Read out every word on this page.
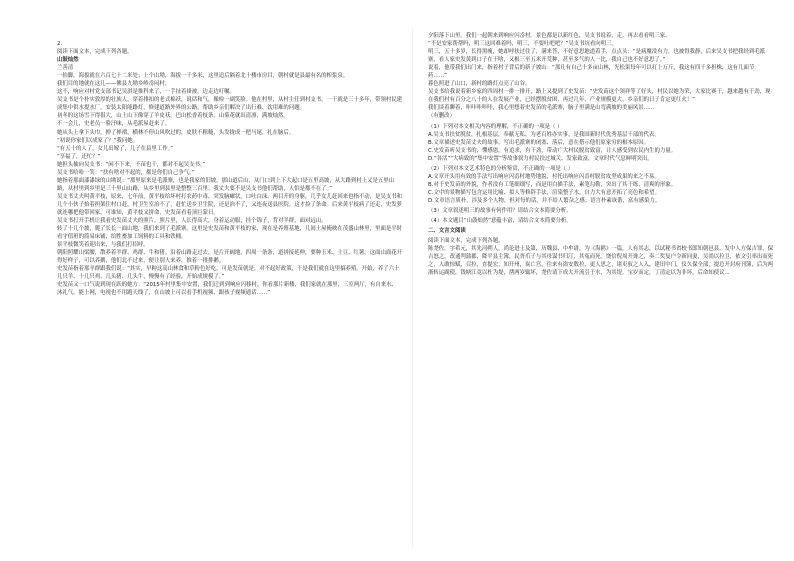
2.

阅读下面文本，完成下列各题。

山鼓灿然

兰善清

一抬脚，海拔就在六百七十二米处；上个山坳，海拔一千多米，这里追后隔着北十楼市房目，朝村就是县最有名的榨浆泉。

我们目的地就在这儿——佛县九坳乡岭岙闷村。

这不，响应对村党支部书记吴淇是推科来了，一手扯着褂被，边走边叮嘱。

吴支书是个朴实敦厚的壮族人，穿着排扣的老式棉袄，说话和气，像检一副笑脸。他在村里，从村主任到村支书，一干就是三十多年，带领村民建成集中供水提水厂，安装太阳能路灯，修建道路外界的公路，帮助乡亲们解决了出行难、饮用难的问题。

初冬的这场雪下得很大，山上山下像穿了羊皮袄。巴山松香着枝条，山菊花就出清凛，满坡灿然。

不一会儿，史老员一脸汗味，从毛派屋赶来了。

她从头上拿下头巾，掸了掸褶，横林不停山风吹过的，皮肤不粗糙，头发拢成一把马尾，扎在脑后。

“初说你家们以成家了？”我问她。

“有五十的人了，女儿出嫁了，儿子在县里工作。”

“享福了，还忙？”

她担头抽向吴支书：“闲不下来，不苗也干，都对不起吴支书。”

吴支书哈哈一笑：“扶有啥对不起的，都是你们自己争气。”

她指着那面漆漆绿的山坳说：“那里原来是毛派寨，也是我家的旧坡，那山道后山，从门口到上下大起口是五里高坡，从大路到村上又是五里山路，从村里到乡里是三十里山山路，从乡里到县里是整整三百里。我丈夫要不是吴支书他们帮助，人怕是都不在了。”

吴支书丈夫叫黄平枝，原来，七年前，黄平枝给坏村打农药中毒，突发脑瘫状，口吐白沫。两目开的身躯，几乎女儿赶回来也指不动，是吴支书和几个小伙子抬着担架往村口赶，村卫生室治不了，赶忙送乡卫生院，还是治不了，又连夜送县医院。这才捡了条命。后来黄平枝病了还走，史发萝就连哪把他带回家，可谁知，黄平枝又拼命，史发苗看着顶巨蒙日。

吴支书打开手机让我看史发苗丈夫的照片。照片里，人长得高大，身着运动服，挂个锦子，背对羊群，面对远山。

转了十几个坡，爬了长长一面山地，我们来到了毛派寨。这里是史发苗和黄平枝的家，现在是养殖基地，几间土屋掩映在茂盛山林里，里面是平时看守值班的简易床铺、给牲畜加工饲料的工具和铁桶。

景平枝微笑着迎出来，与我们打招呼。

朝阳照耀山梁腰，散养着羊群、鸡群、牛和猪。沿着山路走过去，是片开阔地，四周一条条，道拼接延伸，要种玉米、土豆、红薯。这面山面花开得好样子，可以养鹅，他们北不过来，便让别人来养，推着一排排鹅。

史发苗指着那羊群跟我们说：“其实，早种这高山林食和草粉色好吃，可是发苗就是。对不起好政策，于是我们就在这里搞养殖。开始，养了六十几只羊、十几只鸡、几头猪、几头牛，慢慢有了经验，开始成规模了。”

史发苗又一口气说到现在跃的她方：“2015年村里集中安置，我们迁到到响应闪移村。你看那片新楼，我们家就在那里，三室两厅，有自来水、沐礼气，能上网，电视也不用跑天线了，在山坡上可以看手机视频，跟孩子视频通话……”

夕阳落下山里。我们一起朝来到响应闪岙村。景色都是以新红色，吴支书说着，走，再去看看明三家。

“不是安家帮帮吗，明三这回难着吗，明三，不要吐吧吧？”吴支书坑看向明三。

明三，五十多岁，长得黑瘦，她却呼扶过住了，满来答，不好意思地道着手，点点头：“是病魔没有力，也被得我静，后来吴支书把我经到毛派寨，看人家史发黄到口子在干啥，又根三至五米开荒种，甚至多气的人一比，我自己也不好意思了。”

说着，他带我们出门来，指着村子背后的新子坡山：“那几有自己十多亩山林，光松果每年可以打上万斤，我这有四千多担株，这有几面节药……”

暮色照进了山口，新村的路灯点亮了山谷。

吴支书给我说着新乡家的四周村一排一排开，路上又提到了史发苗：“史发苗这个领祥等了好头，村民以她为荣，大家比赛干，越来越有干劲，现在我们村有百分之八十的人在发展产业，已经摆脱贫困，再过几年，产业规模更大，乡亲们的日子肯定更红火！”

我们谈着聊着，咔咔咔咔咔，我心里想着史发苗的毛派寨，脑子里满是山弯满坡的美丽风景……

（有删改）

（1）下列对本文相关内容的理解，不正确的一项是（ ）

A.吴支书扶贫脱贫，扎根基层，奉献无私，为老百姓办实事，是我国新时代优秀基层干部的代表。

B.文章描述史发苗丈夫的故事，写出毛派寨的闭塞、落后，意在搭示他们原家穷的根本原因。

C.史发苗听吴支书的，懂感恩，有追求，有干劲，带动广大村民脱贫致富，让人感受到农民内生的力量。

D.“各活”“大病致的”集中安置”等故事叙力村民扶过城关、发家致富，文章时代气息鲜明突出。

（2）下列对本文艺术特色的分析鉴赏，不正确的一项是（ ）

A.文章开头用有效的手法写出响应闪岙村地势地貌，衬托出响应闪岙村脱贫攻坚成果的来之不易。

B.对于史发苗的外貌，作者没有工笔细细写，而是用白描手法，素笔勾勒，突出了其干练、清爽的形象。

C.文中的景物描写包含运用比喻、拟人等修辞手法，渲染整子水，自力大有意开拓了亮色和希望。

D.文章语言质朴，涉及多个人物，但对每的话，并不给人繁杂之感；语言朴素诙谐，富有感染力。

（3）文章叙述明三的故事有何作用？请结合文本简要分析。

（4）本文题目“山鼓灿然”意蕴丰富，请结合文本简要分析。

二、文言文阅读

阅读下面文本，完成下列各题。

陈尧佐，字希元，其先河朔人，尚论进士及第，历魏县、中牟尉，为《海鸥》一篇，人有其志，以试秘书省校书郎知朝邑县，发中人方保吉罪，保吉怒之，改通判蒲郡，降平县主簿，民胥爪子与其母谋书归汀，其冤而死。饶信倪周开谗之，奏二奖复户令新同妻，吴尚以拉卫，依文引率出而死之，人敢惊赋，召拉，直提宏，知开州，炭亡宫，往来有盗安数拉，更人思之，诸吏驭之人入，建田中门，仪久保全部，提总开封府刊簿，后为两浙转运副使，钱塘江竟以杜为堤，凿两岁辄坏，尧佐请下成大开流引于水，为其堤，宝岁而定，丁清定以为非坏，后命知使议...
